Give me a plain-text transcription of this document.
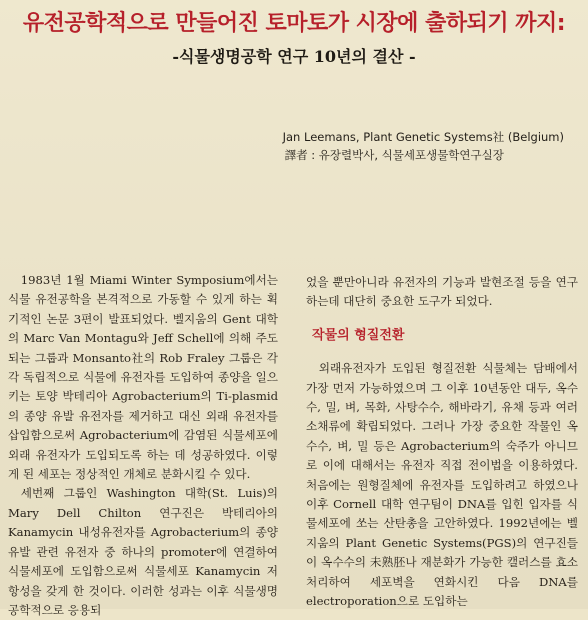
유전공학적으로 만들어진 토마토가 시장에 출하되기 까지:
-식물생명공학 연구 10년의 결산 -
Jan Leemans, Plant Genetic Systems社 (Belgium)
譯者 : 유장렬박사, 식물세포생물학연구실장

1983년 1월 Miami Winter Symposium에서는 식물 유전공학을 본격적으로 가동할 수 있게 하는 획기적인 논문 3편이 발표되었다. 벨지움의 Gent 대학의 Marc Van Montagu와 Jeff Schell에 의해 주도되는 그룹과 Monsanto社의 Rob Fraley 그룹은 각각 독립적으로 식물에 유전자를 도입하여 종양을 일으키는 토양 박테리아 Agrobacterium의 Ti-plasmid의 종양 유발 유전자를 제거하고 대신 외래 유전자를 삽입함으로써 Agrobacterium에 감염된 식물세포에 외래 유전자가 도입되도록 하는 데 성공하였다. 이렇게 된 세포는 정상적인 개체로 분화시킬 수 있다.

세번째 그룹인 Washington 대학(St. Luis)의 Mary Dell Chilton 연구진은 박테리아의 Kanamycin 내성유전자를 Agrobacterium의 종양 유발 관련 유전자 중 하나의 promoter에 연결하여 식물세포에 도입함으로써 식물세포 Kanamycin 저항성을 갖게 한 것이다. 이러한 성과는 이후 식물생명공학적으로 응용되

었을 뿐만아니라 유전자의 기능과 발현조절 등을 연구하는데 대단히 중요한 도구가 되었다.

작물의 형질전환

외래유전자가 도입된 형질전환 식물체는 담배에서 가장 먼저 가능하였으며 그 이후 10년동안 대두, 옥수수, 밀, 벼, 목화, 사탕수수, 해바라기, 유채 등과 여러 소채류에 확립되었다. 그러나 가장 중요한 작물인 옥수수, 벼, 밀 등은 Agrobacterium의 숙주가 아니므로 이에 대해서는 유전자 직접 전이법을 이용하였다. 처음에는 원형질체에 유전자를 도입하려고 하였으나 이후 Cornell 대학 연구팀이 DNA를 입힌 입자를 식물세포에 쏘는 산탄총을 고안하였다. 1992년에는 벨지움의 Plant Genetic Systems(PGS)의 연구진들이 옥수수의 未熟胚나 재분화가 가능한 캘러스를 효소처리하여 세포벽을 연화시킨 다음 DNA를 electroporation으로 도입하는
